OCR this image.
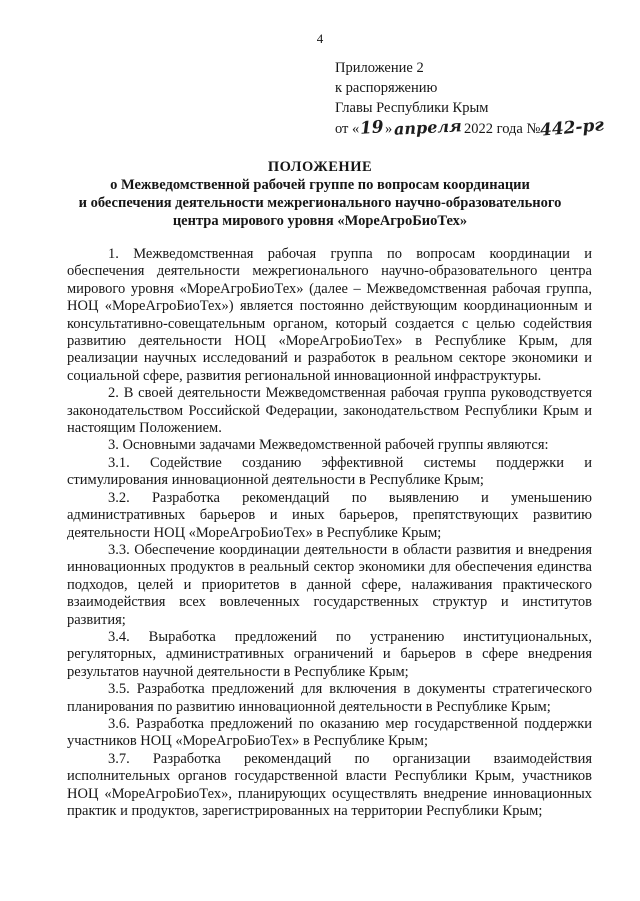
4
Приложение 2
к распоряжению
Главы Республики Крым
от «19»апреля 2022 года №442-рг
ПОЛОЖЕНИЕ
о Межведомственной рабочей группе по вопросам координации
и обеспечения деятельности межрегионального научно-образовательного
центра мирового уровня «МореАгроБиоТех»

1. Межведомственная рабочая группа по вопросам координации и обеспечения деятельности межрегионального научно-образовательного центра мирового уровня «МореАгроБиоТех» (далее – Межведомственная рабочая группа, НОЦ «МореАгроБиоТех») является постоянно действующим координационным и консультативно-совещательным органом, который создается с целью содействия развитию деятельности НОЦ «МореАгроБиоТех» в Республике Крым, для реализации научных исследований и разработок в реальном секторе экономики и социальной сфере, развития региональной инновационной инфраструктуры.

2. В своей деятельности Межведомственная рабочая группа руководствуется законодательством Российской Федерации, законодательством Республики Крым и настоящим Положением.

3. Основными задачами Межведомственной рабочей группы являются:

3.1. Содействие созданию эффективной системы поддержки и стимулирования инновационной деятельности в Республике Крым;

3.2. Разработка рекомендаций по выявлению и уменьшению административных барьеров и иных барьеров, препятствующих развитию деятельности НОЦ «МореАгроБиоТех» в Республике Крым;

3.3. Обеспечение координации деятельности в области развития и внедрения инновационных продуктов в реальный сектор экономики для обеспечения единства подходов, целей и приоритетов в данной сфере, налаживания практического взаимодействия всех вовлеченных государственных структур и институтов развития;

3.4. Выработка предложений по устранению институциональных, регуляторных, административных ограничений и барьеров в сфере внедрения результатов научной деятельности в Республике Крым;

3.5. Разработка предложений для включения в документы стратегического планирования по развитию инновационной деятельности в Республике Крым;

3.6. Разработка предложений по оказанию мер государственной поддержки участников НОЦ «МореАгроБиоТех» в Республике Крым;

3.7. Разработка рекомендаций по организации взаимодействия исполнительных органов государственной власти Республики Крым, участников НОЦ «МореАгроБиоТех», планирующих осуществлять внедрение инновационных практик и продуктов, зарегистрированных на территории Республики Крым;
